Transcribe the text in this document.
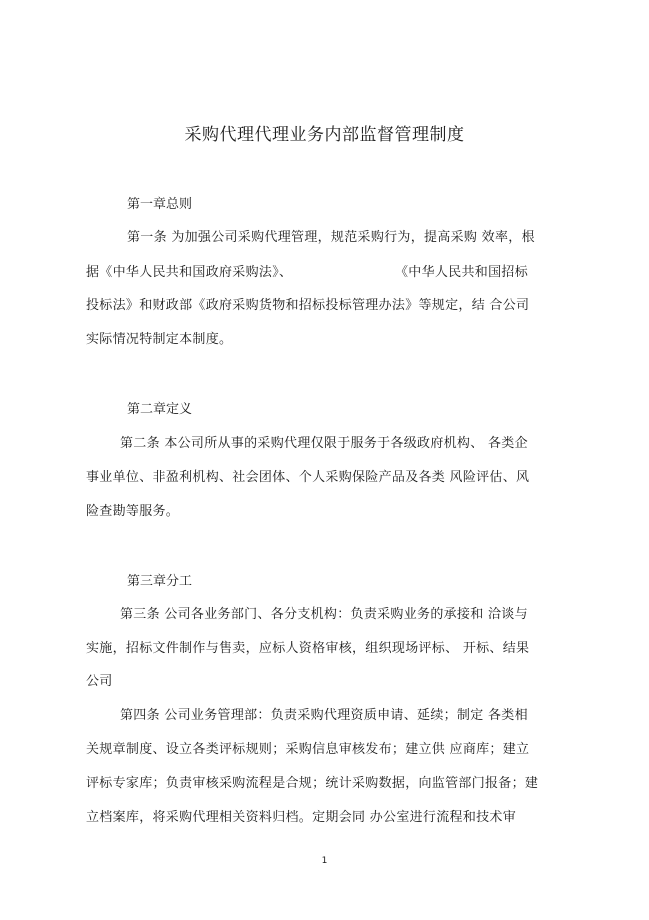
采购代理代理业务内部监督管理制度
第一章总则
第一条 为加强公司采购代理管理，规范采购行为，提高采购 效率，根
据《中华人民共和国政府采购法》、	《中华人民共和国招标
投标法》和财政部《政府采购货物和招标投标管理办法》等规定，结 合公司
实际情况特制定本制度。
第二章定义
第二条 本公司所从事的采购代理仅限于服务于各级政府机构、 各类企
事业单位、非盈利机构、社会团体、个人采购保险产品及各类 风险评估、风
险查勘等服务。
第三章分工
第三条 公司各业务部门、各分支机构：负责采购业务的承接和 洽谈与
实施，招标文件制作与售卖，应标人资格审核，组织现场评标、 开标、结果
公司
第四条 公司业务管理部：负责采购代理资质申请、延续；制定 各类相
关规章制度、设立各类评标规则；采购信息审核发布；建立供 应商库；建立
评标专家库；负责审核采购流程是合规；统计采购数据，向监管部门报备；建
立档案库，将采购代理相关资料归档。定期会同 办公室进行流程和技术审
1
